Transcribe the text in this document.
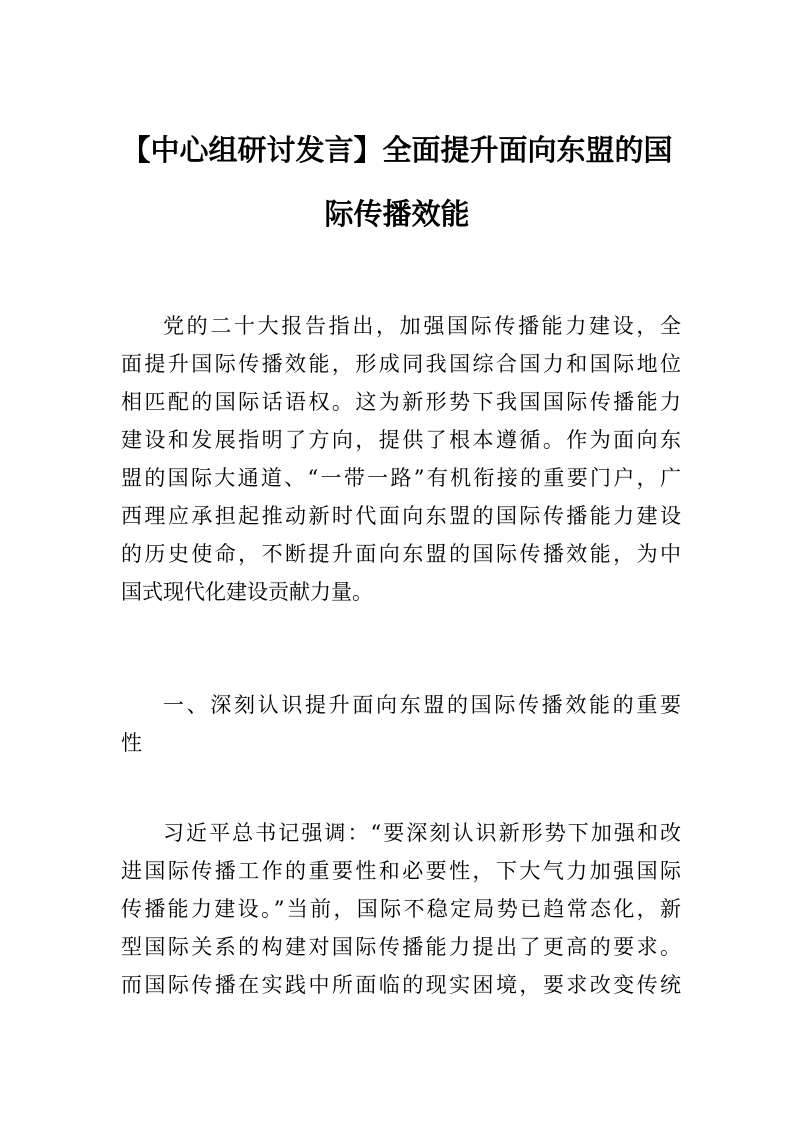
【中心组研讨发言】全面提升面向东盟的国
际传播效能
党的二十大报告指出，加强国际传播能力建设，全
面提升国际传播效能，形成同我国综合国力和国际地位
相匹配的国际话语权。这为新形势下我国国际传播能力
建设和发展指明了方向，提供了根本遵循。作为面向东
盟的国际大通道、“一带一路”有机衔接的重要门户，广
西理应承担起推动新时代面向东盟的国际传播能力建设
的历史使命，不断提升面向东盟的国际传播效能，为中
国式现代化建设贡献力量。
一、深刻认识提升面向东盟的国际传播效能的重要
性
习近平总书记强调：“要深刻认识新形势下加强和改
进国际传播工作的重要性和必要性，下大气力加强国际
传播能力建设。”当前，国际不稳定局势已趋常态化，新
型国际关系的构建对国际传播能力提出了更高的要求。
而国际传播在实践中所面临的现实困境，要求改变传统
